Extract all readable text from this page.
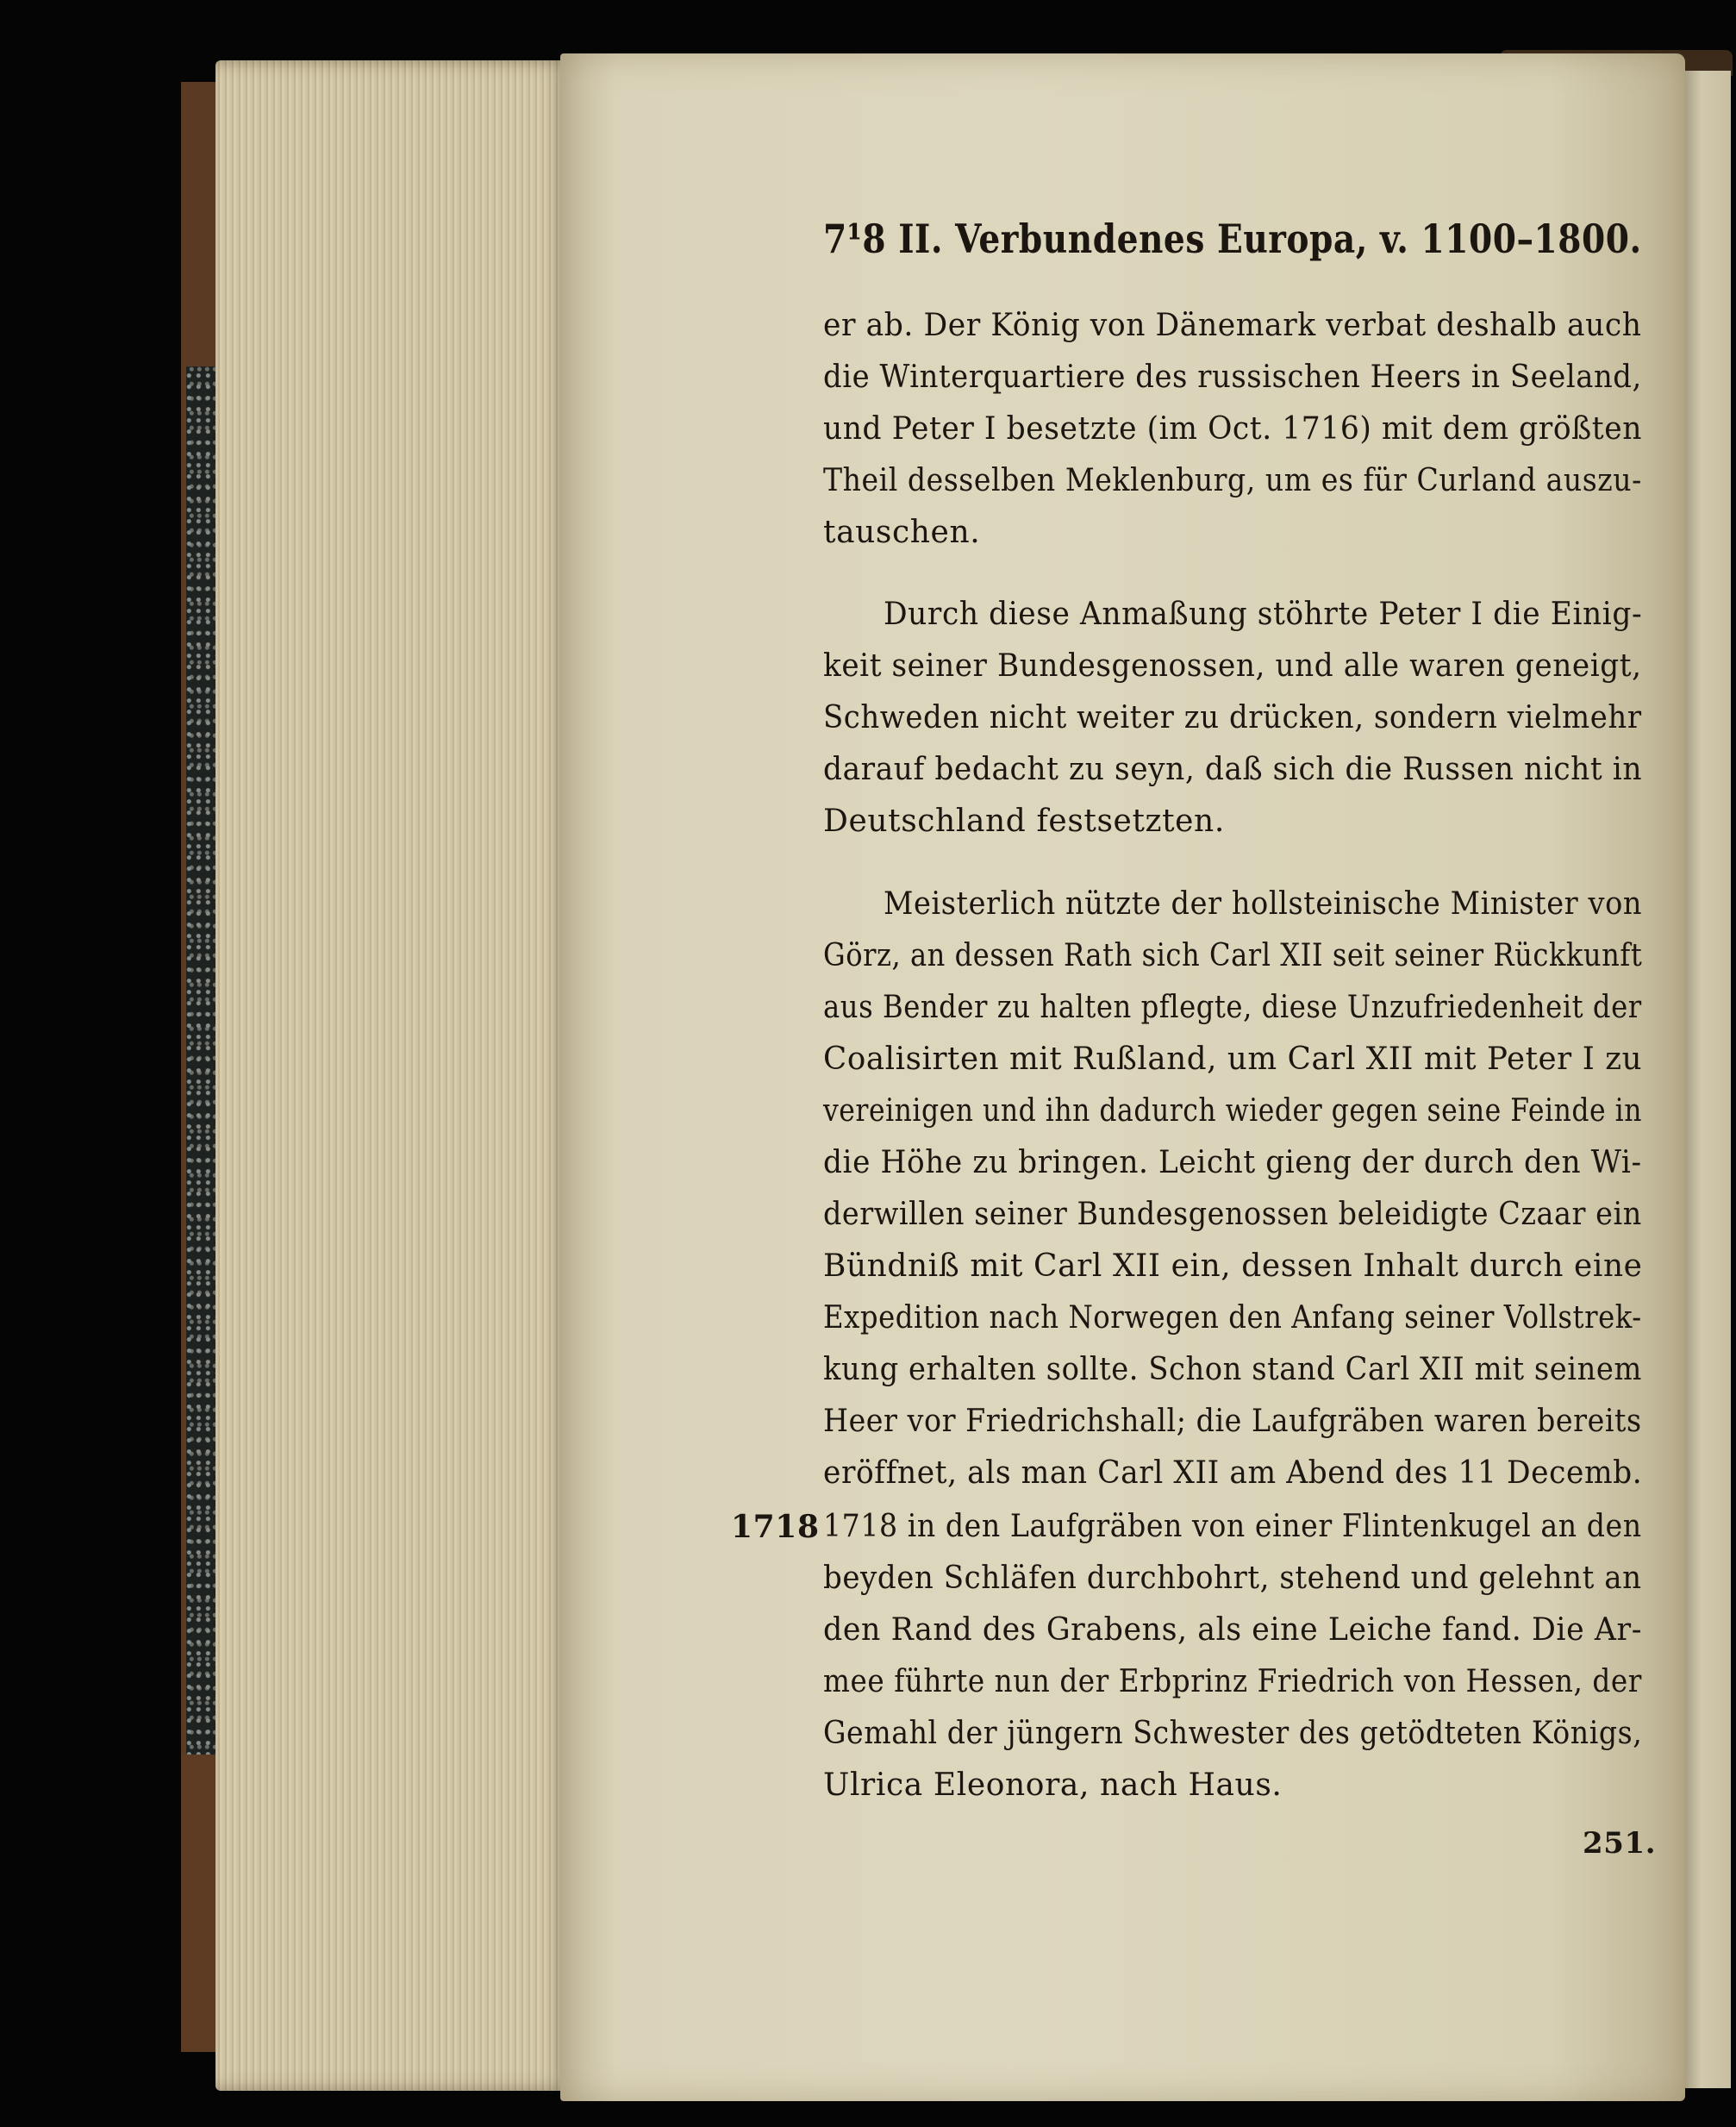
7¹8 II. Verbundenes Europa, v. 1100–1800.
er ab. Der König von Dänemark verbat deshalb auch
die Winterquartiere des russischen Heers in Seeland,
und Peter I besetzte (im Oct. 1716) mit dem größten
Theil desselben Meklenburg, um es für Curland auszu-
tauschen.
Durch diese Anmaßung stöhrte Peter I die Einig-
keit seiner Bundesgenossen, und alle waren geneigt,
Schweden nicht weiter zu drücken, sondern vielmehr
darauf bedacht zu seyn, daß sich die Russen nicht in
Deutschland festsetzten.
Meisterlich nützte der hollsteinische Minister von
Görz, an dessen Rath sich Carl XII seit seiner Rückkunft
aus Bender zu halten pflegte, diese Unzufriedenheit der
Coalisirten mit Rußland, um Carl XII mit Peter I zu
vereinigen und ihn dadurch wieder gegen seine Feinde in
die Höhe zu bringen. Leicht gieng der durch den Wi-
derwillen seiner Bundesgenossen beleidigte Czaar ein
Bündniß mit Carl XII ein, dessen Inhalt durch eine
Expedition nach Norwegen den Anfang seiner Vollstrek-
kung erhalten sollte. Schon stand Carl XII mit seinem
Heer vor Friedrichshall; die Laufgräben waren bereits
eröffnet, als man Carl XII am Abend des 11 Decemb.
1718 in den Laufgräben von einer Flintenkugel an den
beyden Schläfen durchbohrt, stehend und gelehnt an
den Rand des Grabens, als eine Leiche fand. Die Ar-
mee führte nun der Erbprinz Friedrich von Hessen, der
Gemahl der jüngern Schwester des getödteten Königs,
Ulrica Eleonora, nach Haus.
1718
251.
